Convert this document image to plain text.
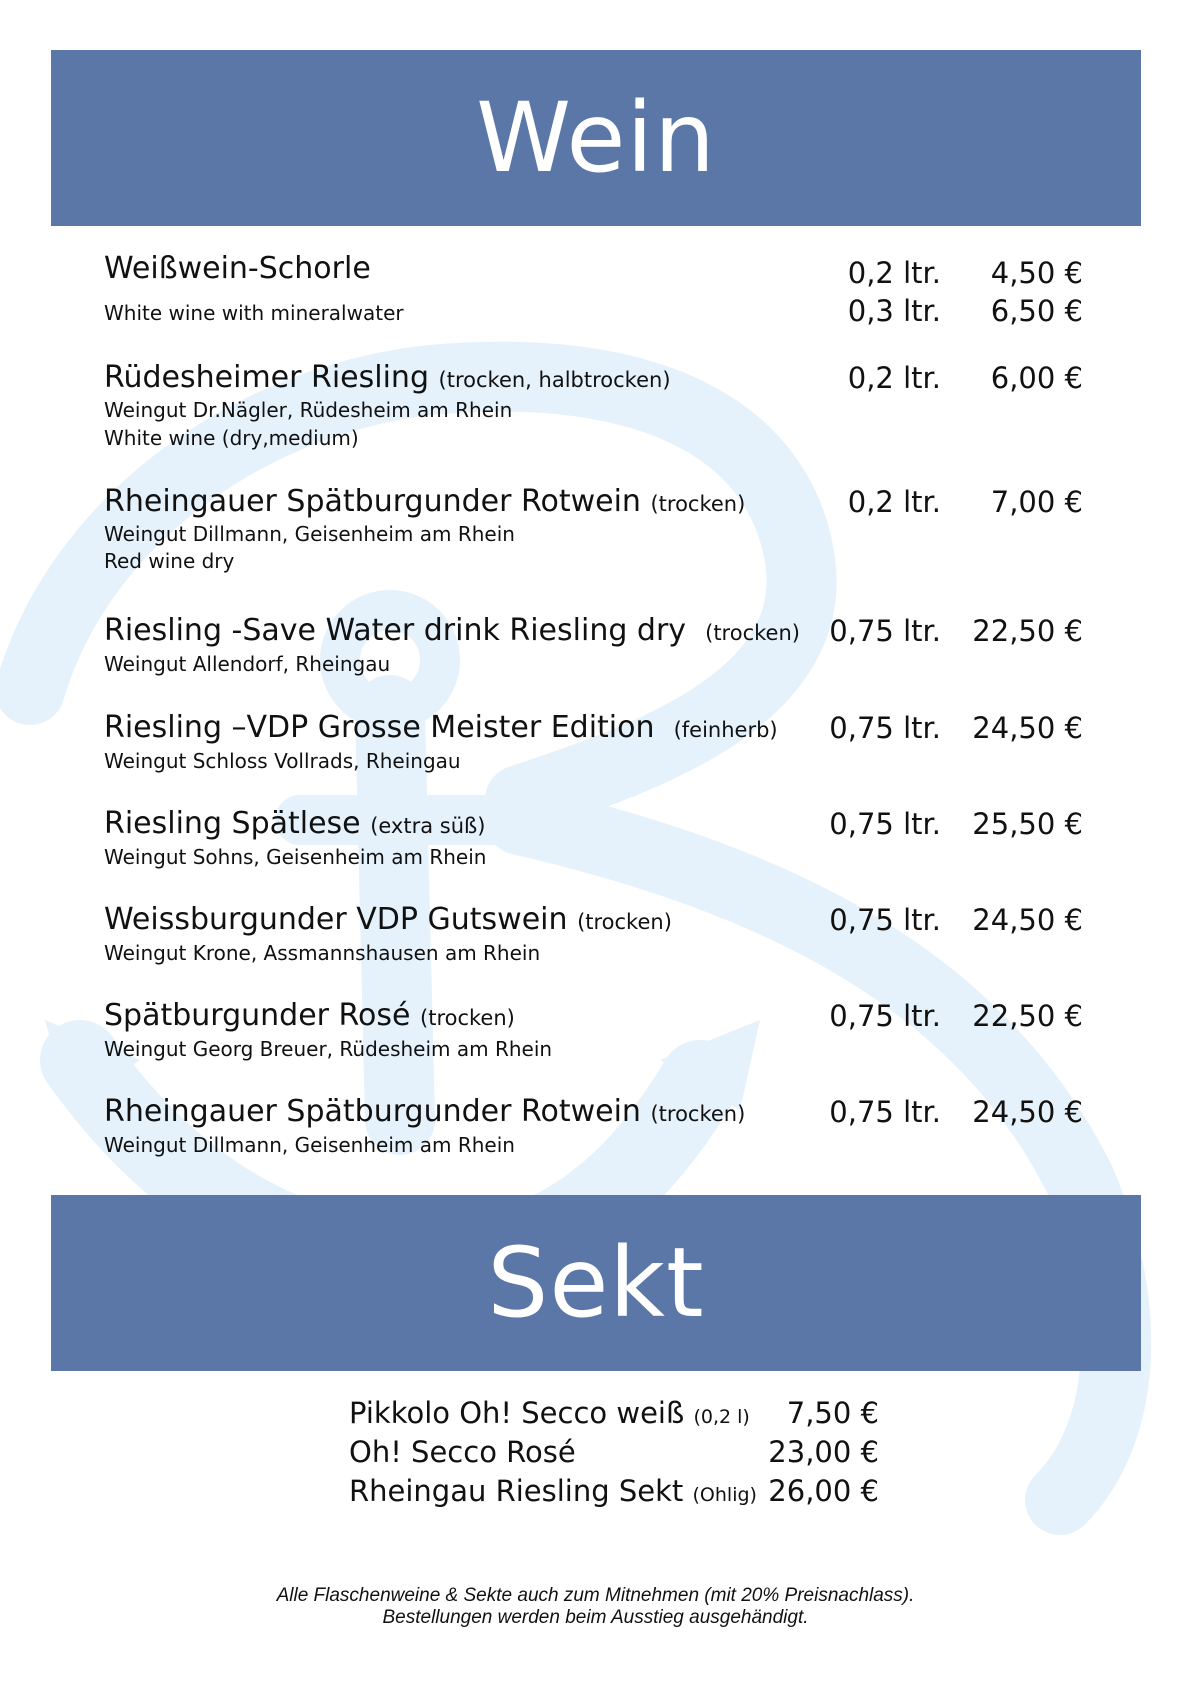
Wein
Weißwein-Schorle
White wine with mineralwater
0,2 ltr. 4,50 €
0,3 ltr. 6,50 €
Rüdesheimer Riesling (trocken, halbtrocken)
Weingut Dr.Nägler, Rüdesheim am Rhein
White wine (dry,medium)
0,2 ltr. 6,00 €
Rheingauer Spätburgunder Rotwein (trocken)
Weingut Dillmann, Geisenheim am Rhein
Red wine dry
0,2 ltr. 7,00 €
Riesling -Save Water drink Riesling dry (trocken)
Weingut Allendorf, Rheingau
0,75 ltr. 22,50 €
Riesling –VDP Grosse Meister Edition (feinherb)
Weingut Schloss Vollrads, Rheingau
0,75 ltr. 24,50 €
Riesling Spätlese (extra süß)
Weingut Sohns, Geisenheim am Rhein
0,75 ltr. 25,50 €
Weissburgunder VDP Gutswein (trocken)
Weingut Krone, Assmannshausen am Rhein
0,75 ltr. 24,50 €
Spätburgunder Rosé (trocken)
Weingut Georg Breuer, Rüdesheim am Rhein
0,75 ltr. 22,50 €
Rheingauer Spätburgunder Rotwein (trocken)
Weingut Dillmann, Geisenheim am Rhein
0,75 ltr. 24,50 €
Sekt
Pikkolo Oh! Secco weiß (0,2 l) 7,50 €
Oh! Secco Rosé	23,00 €
Rheingau Riesling Sekt (Ohlig) 26,00 €
Alle Flaschenweine & Sekte auch zum Mitnehmen (mit 20% Preisnachlass).
Bestellungen werden beim Ausstieg ausgehändigt.
